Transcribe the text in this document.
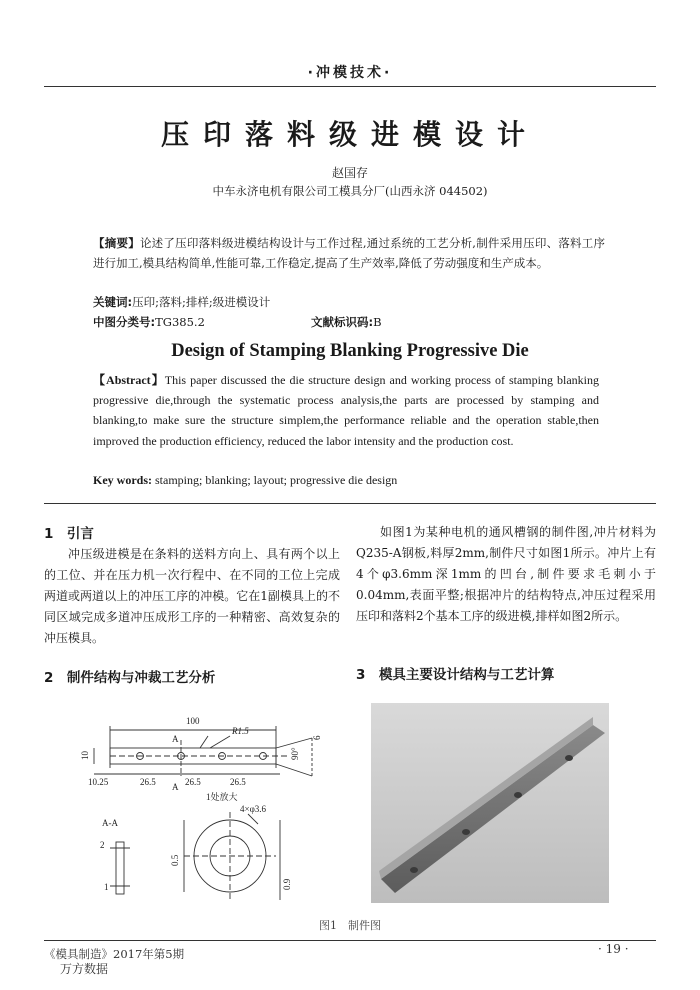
·冲模技术·
压印落料级进模设计
赵国存
中车永济电机有限公司工模具分厂(山西永济 044502)
【摘要】论述了压印落料级进模结构设计与工作过程,通过系统的工艺分析,制件采用压印、落料工序进行加工,模具结构简单,性能可靠,工作稳定,提高了生产效率,降低了劳动强度和生产成本。
关键词:压印;落料;排样;级进模设计
中图分类号:TG385.2	文献标识码:B
Design of Stamping Blanking Progressive Die
【Abstract】This paper discussed the die structure design and working process of stamping blanking progressive die,through the systematic process analysis,the parts are processed by stamping and blanking,to make sure the structure simplem,the performance reliable and the operation stable,then improved the production efficiency, reduced the labor intensity and the production cost.
Key words: stamping; blanking; layout; progressive die design
1　引言
冲压级进模是在条料的送料方向上、具有两个以上的工位、并在压力机一次行程中、在不同的工位上完成两道或两道以上的冲压工序的冲模。它在1副模具上的不同区域完成多道冲压成形工序的一种精密、高效复杂的冲压模具。
2　制件结构与冲裁工艺分析
如图1为某种电机的通风槽钢的制件图,冲片材料为Q235-A钢板,料厚2mm,制件尺寸如图1所示。冲片上有4个φ3.6mm深1mm的凹台,制件要求毛刺小于0.04mm,表面平整;根据冲片的结构特点,冲压过程采用压印和落料2个基本工序的级进模,排样如图2所示。
3　模具主要设计结构与工艺计算
100
R1.5
10
10.25	26.5	26.5	26.5
90°
6
A
A
1处放大
4×φ3.6
A-A
2
1
0.5
0.9
图1　制件图
《模具制造》2017年第5期	· 19 ·
万方数据
